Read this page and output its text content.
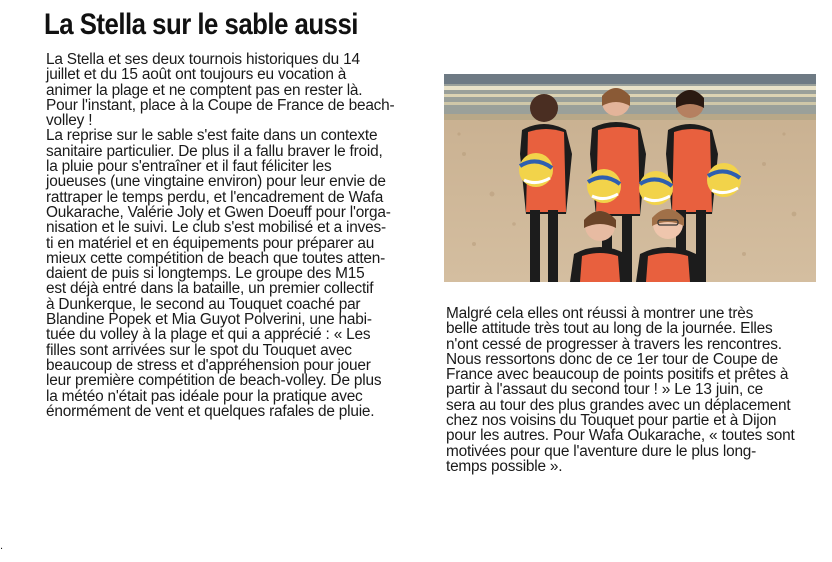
La Stella sur le sable aussi
La Stella et ses deux tournois historiques du 14
juillet et du 15 août ont toujours eu vocation à
animer la plage et ne comptent pas en rester là.
Pour l'instant, place à la Coupe de France de beach-
volley !
La reprise sur le sable s'est faite dans un contexte
sanitaire particulier. De plus il a fallu braver le froid,
la pluie pour s'entraîner et il faut féliciter les
joueuses (une vingtaine environ) pour leur envie de
rattraper le temps perdu, et l'encadrement de Wafa
Oukarache, Valérie Joly et Gwen Doeuff pour l'orga-
nisation et le suivi. Le club s'est mobilisé et a inves-
ti en matériel et en équipements pour préparer au
mieux cette compétition de beach que toutes atten-
daient de puis si longtemps. Le groupe des M15
est déjà entré dans la bataille, un premier collectif
à Dunkerque, le second au Touquet coaché par
Blandine Popek et Mia Guyot Polverini, une habi-
tuée du volley à la plage et qui a apprécié : « Les
filles sont arrivées sur le spot du Touquet avec
beaucoup de stress et d'appréhension pour jouer
leur première compétition de beach-volley. De plus
la météo n'était pas idéale pour la pratique avec
énormément de vent et quelques rafales de pluie.
Malgré cela elles ont réussi à montrer une très
belle attitude très tout au long de la journée. Elles
n'ont cessé de progresser à travers les rencontres.
Nous ressortons donc de ce 1er tour de Coupe de
France avec beaucoup de points positifs et prêtes à
partir à l'assaut du second tour ! » Le 13 juin, ce
sera au tour des plus grandes avec un déplacement
chez nos voisins du Touquet pour partie et à Dijon
pour les autres. Pour Wafa Oukarache, « toutes sont
motivées pour que l'aventure dure le plus long-
temps possible ».
.
